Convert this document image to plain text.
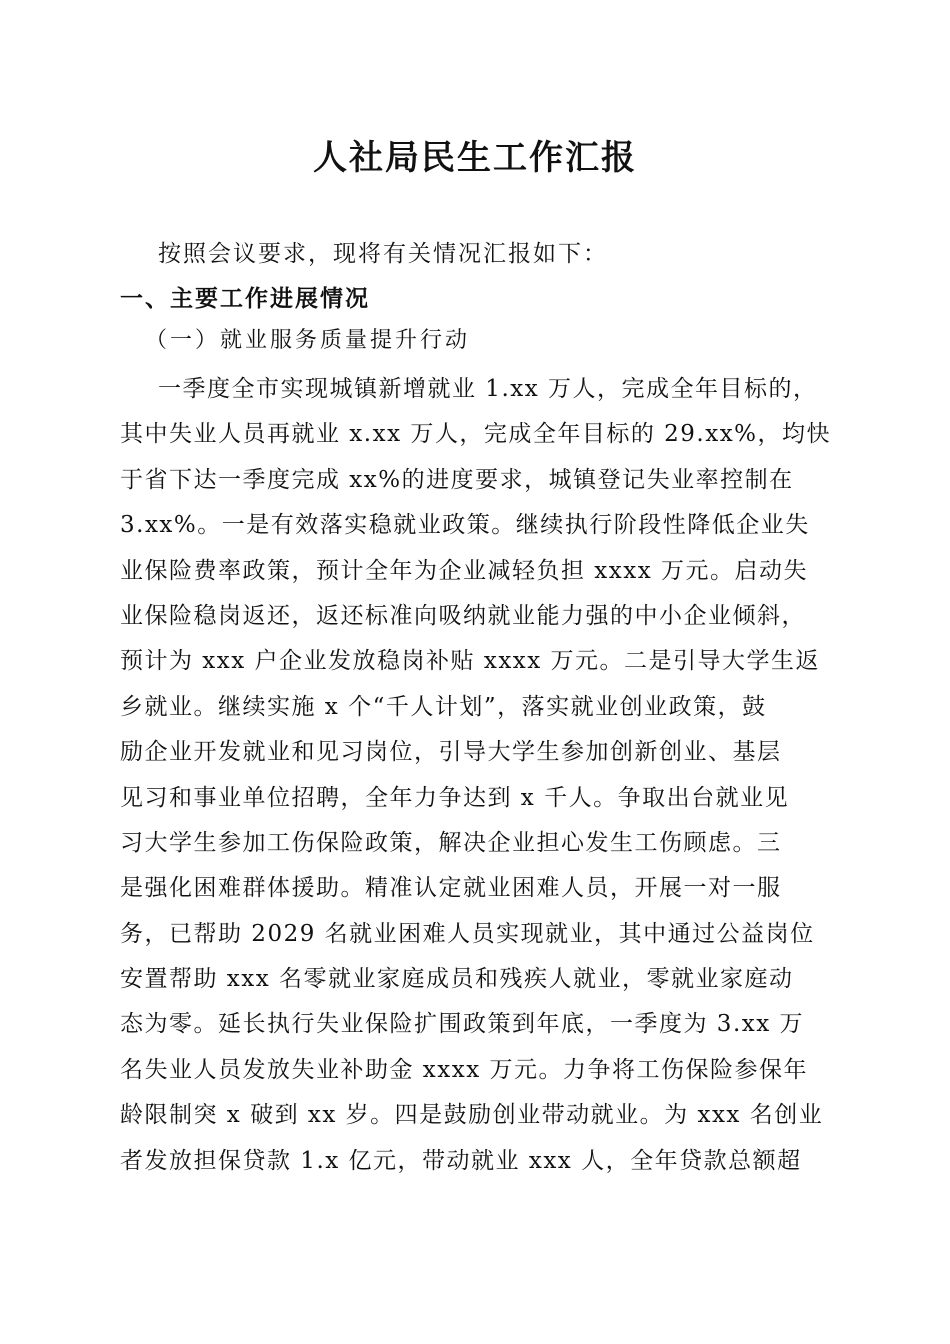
人社局民生工作汇报
按照会议要求，现将有关情况汇报如下：
一、主要工作进展情况
（一）就业服务质量提升行动
一季度全市实现城镇新增就业 1.xx 万人，完成全年目标的，
其中失业人员再就业 x.xx 万人，完成全年目标的 29.xx%，均快
于省下达一季度完成 xx%的进度要求，城镇登记失业率控制在
3.xx%。一是有效落实稳就业政策。继续执行阶段性降低企业失
业保险费率政策，预计全年为企业减轻负担 xxxx 万元。启动失
业保险稳岗返还，返还标准向吸纳就业能力强的中小企业倾斜，
预计为 xxx 户企业发放稳岗补贴 xxxx 万元。二是引导大学生返
乡就业。继续实施 x 个“千人计划”，落实就业创业政策，鼓
励企业开发就业和见习岗位，引导大学生参加创新创业、基层
见习和事业单位招聘，全年力争达到 x 千人。争取出台就业见
习大学生参加工伤保险政策，解决企业担心发生工伤顾虑。三
是强化困难群体援助。精准认定就业困难人员，开展一对一服
务，已帮助 2029 名就业困难人员实现就业，其中通过公益岗位
安置帮助 xxx 名零就业家庭成员和残疾人就业，零就业家庭动
态为零。延长执行失业保险扩围政策到年底，一季度为 3.xx 万
名失业人员发放失业补助金 xxxx 万元。力争将工伤保险参保年
龄限制突 x 破到 xx 岁。四是鼓励创业带动就业。为 xxx 名创业
者发放担保贷款 1.x 亿元，带动就业 xxx 人，全年贷款总额超
